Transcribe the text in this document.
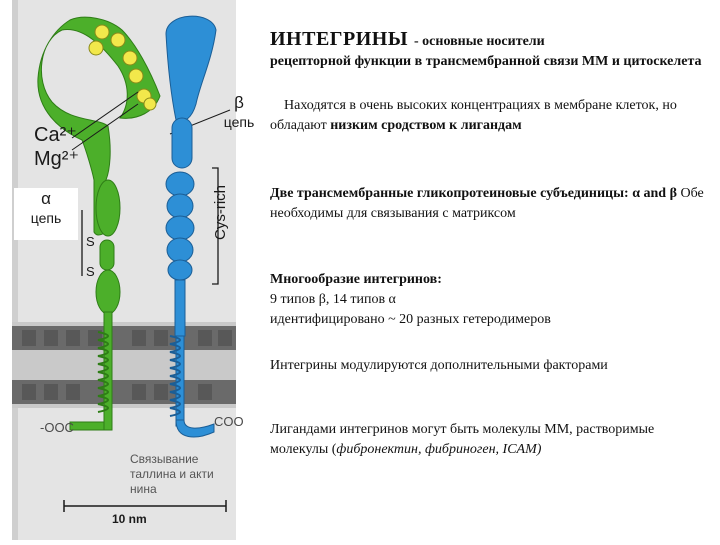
β
цепь
α
цепь
Ca²⁺
Mg²⁺
Cys-rich
S
S
-OOC	COO
Связывание
таллина и акти
нина
10 nm
ИНТЕГРИНЫ - основные носители
рецепторной функции в трансмембранной связи ММ и цитоскелета
Находятся в очень высоких концентрациях в мембране клеток, но обладают низким сродством к лигандам
Две трансмембранные гликопротеиновые субъединицы: α and β Обе необходимы для связывания с матриксом
Многообразие интегринов:
9 типов β, 14 типов α
идентифицировано ~ 20 разных гетеродимеров
Интегрины модулируются дополнительными факторами
Лигандами интегринов могут быть молекулы ММ, растворимые молекулы (фибронектин, фибриноген, ICAM)
